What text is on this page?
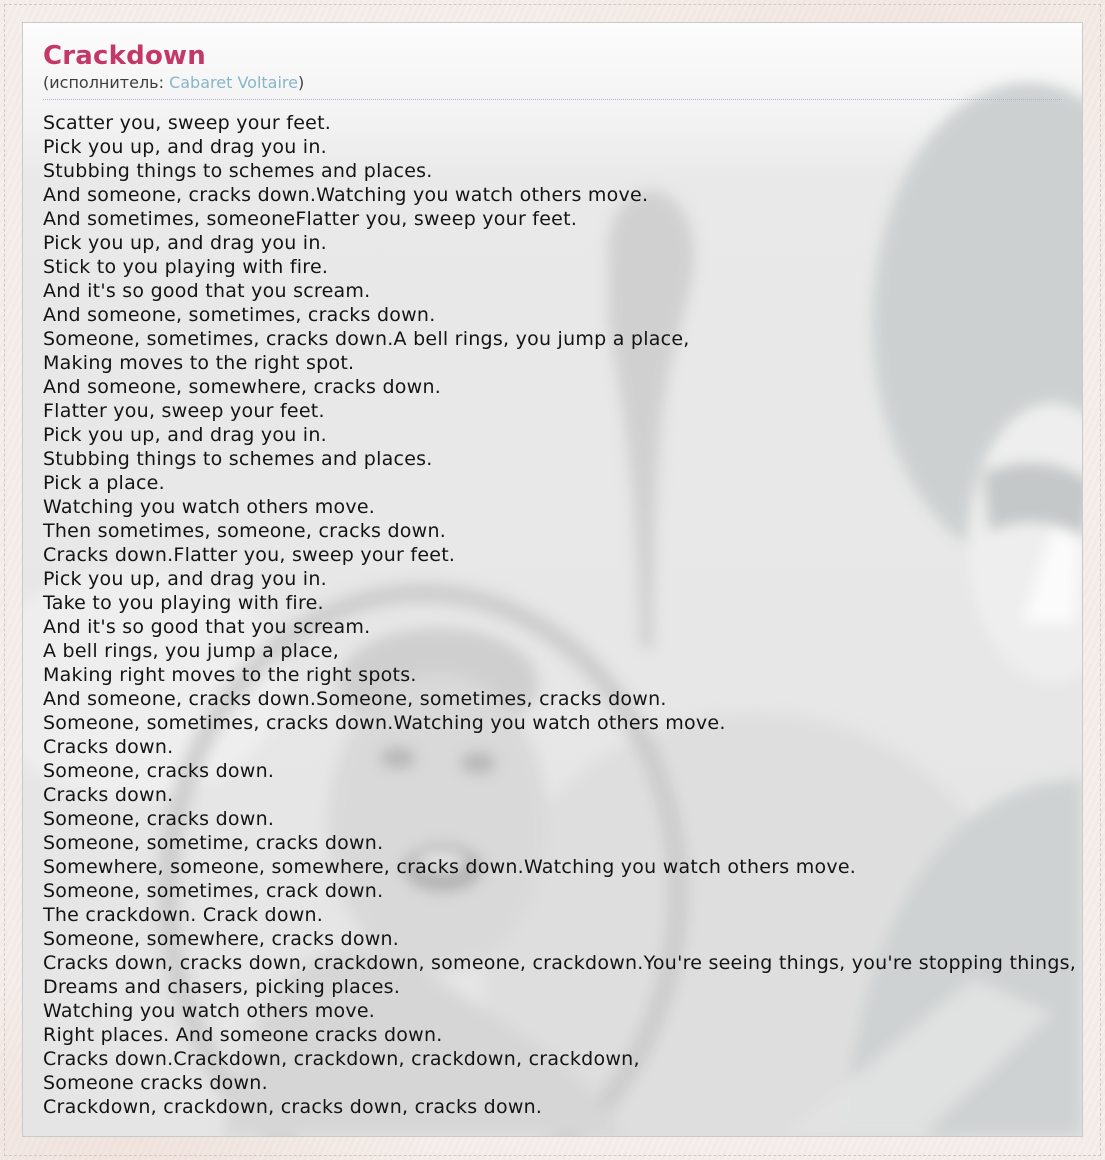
Crackdown
(исполнитель: Cabaret Voltaire)
Scatter you, sweep your feet.
Pick you up, and drag you in.
Stubbing things to schemes and places.
And someone, cracks down.Watching you watch others move.
And sometimes, someoneFlatter you, sweep your feet.
Pick you up, and drag you in.
Stick to you playing with fire.
And it's so good that you scream.
And someone, sometimes, cracks down.
Someone, sometimes, cracks down.A bell rings, you jump a place,
Making moves to the right spot.
And someone, somewhere, cracks down.
Flatter you, sweep your feet.
Pick you up, and drag you in.
Stubbing things to schemes and places.
Pick a place.
Watching you watch others move.
Then sometimes, someone, cracks down.
Cracks down.Flatter you, sweep your feet.
Pick you up, and drag you in.
Take to you playing with fire.
And it's so good that you scream.
A bell rings, you jump a place,
Making right moves to the right spots.
And someone, cracks down.Someone, sometimes, cracks down.
Someone, sometimes, cracks down.Watching you watch others move.
Cracks down.
Someone, cracks down.
Cracks down.
Someone, cracks down.
Someone, sometime, cracks down.
Somewhere, someone, somewhere, cracks down.Watching you watch others move.
Someone, sometimes, crack down.
The crackdown. Crack down.
Someone, somewhere, cracks down.
Cracks down, cracks down, crackdown, someone, crackdown.You're seeing things, you're stopping things,
Dreams and chasers, picking places.
Watching you watch others move.
Right places. And someone cracks down.
Cracks down.Crackdown, crackdown, crackdown, crackdown,
Someone cracks down.
Crackdown, crackdown, cracks down, cracks down.
